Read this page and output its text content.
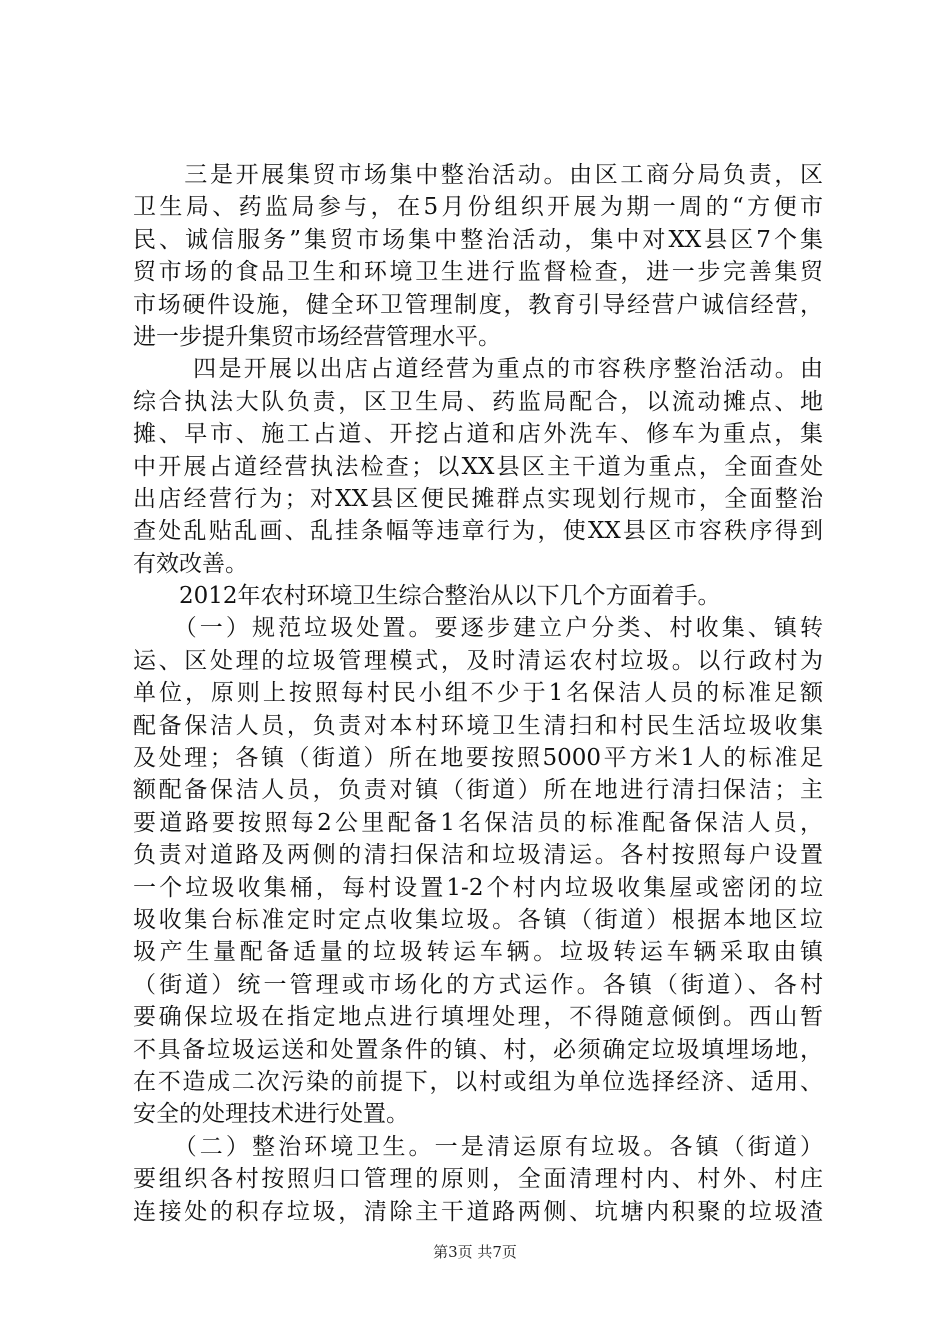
　　三是开展集贸市场集中整治活动。由区工商分局负责，区
卫生局、药监局参与，在5月份组织开展为期一周的“方便市
民、诚信服务”集贸市场集中整治活动，集中对XX县区7个集
贸市场的食品卫生和环境卫生进行监督检查，进一步完善集贸
市场硬件设施，健全环卫管理制度，教育引导经营户诚信经营，
进一步提升集贸市场经营管理水平。
　　 四是开展以出店占道经营为重点的市容秩序整治活动。由
综合执法大队负责，区卫生局、药监局配合，以流动摊点、地
摊、早市、施工占道、开挖占道和店外洗车、修车为重点，集
中开展占道经营执法检查；以XX县区主干道为重点，全面查处
出店经营行为；对XX县区便民摊群点实现划行规市，全面整治
查处乱贴乱画、乱挂条幅等违章行为，使XX县区市容秩序得到
有效改善。
　　2012年农村环境卫生综合整治从以下几个方面着手。
　　（一）规范垃圾处置。要逐步建立户分类、村收集、镇转
运、区处理的垃圾管理模式，及时清运农村垃圾。以行政村为
单位，原则上按照每村民小组不少于1名保洁人员的标准足额
配备保洁人员，负责对本村环境卫生清扫和村民生活垃圾收集
及处理；各镇（街道）所在地要按照5000平方米1人的标准足
额配备保洁人员，负责对镇（街道）所在地进行清扫保洁；主
要道路要按照每2公里配备1名保洁员的标准配备保洁人员，
负责对道路及两侧的清扫保洁和垃圾清运。各村按照每户设置
一个垃圾收集桶，每村设置1-2个村内垃圾收集屋或密闭的垃
圾收集台标准定时定点收集垃圾。各镇（街道）根据本地区垃
圾产生量配备适量的垃圾转运车辆。垃圾转运车辆采取由镇
（街道）统一管理或市场化的方式运作。各镇（街道）、各村
要确保垃圾在指定地点进行填埋处理，不得随意倾倒。西山暂
不具备垃圾运送和处置条件的镇、村，必须确定垃圾填埋场地，
在不造成二次污染的前提下，以村或组为单位选择经济、适用、
安全的处理技术进行处置。
　　（二）整治环境卫生。一是清运原有垃圾。各镇（街道）
要组织各村按照归口管理的原则，全面清理村内、村外、村庄
连接处的积存垃圾，清除主干道路两侧、坑塘内积聚的垃圾渣
第3页 共7页
